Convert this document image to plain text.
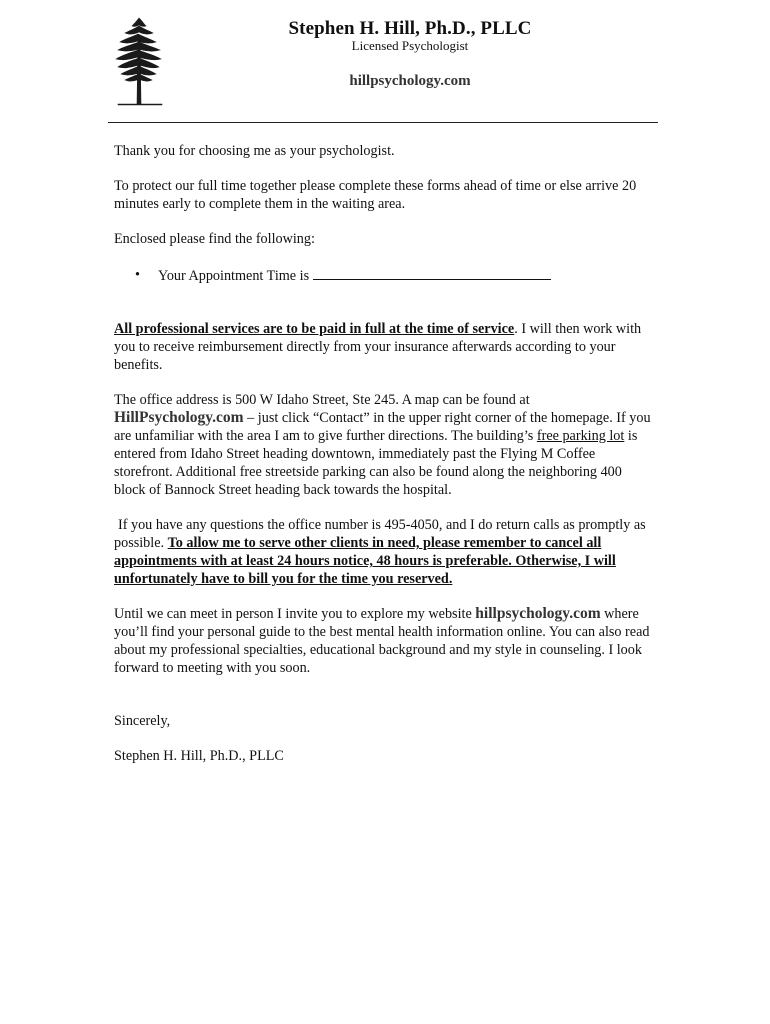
Stephen H. Hill, Ph.D., PLLC
Licensed Psychologist
hillpsychology.com

Thank you for choosing me as your psychologist.

To protect our full time together please complete these forms ahead of time or else arrive 20 minutes early to complete them in the waiting area.

Enclosed please find the following:

• Your Appointment Time is

All professional services are to be paid in full at the time of service. I will then work with you to receive reimbursement directly from your insurance afterwards according to your benefits.

The office address is 500 W Idaho Street, Ste 245. A map can be found at
HillPsychology.com – just click “Contact” in the upper right corner of the homepage. If you are unfamiliar with the area I am to give further directions. The building’s free parking lot is entered from Idaho Street heading downtown, immediately past the Flying M Coffee storefront. Additional free streetside parking can also be found along the neighboring 400 block of Bannock Street heading back towards the hospital.

If you have any questions the office number is 495-4050, and I do return calls as promptly as possible. To allow me to serve other clients in need, please remember to cancel all appointments with at least 24 hours notice, 48 hours is preferable. Otherwise, I will unfortunately have to bill you for the time you reserved.

Until we can meet in person I invite you to explore my website hillpsychology.com where you’ll find your personal guide to the best mental health information online. You can also read about my professional specialties, educational background and my style in counseling. I look forward to meeting with you soon.

Sincerely,

Stephen H. Hill, Ph.D., PLLC
